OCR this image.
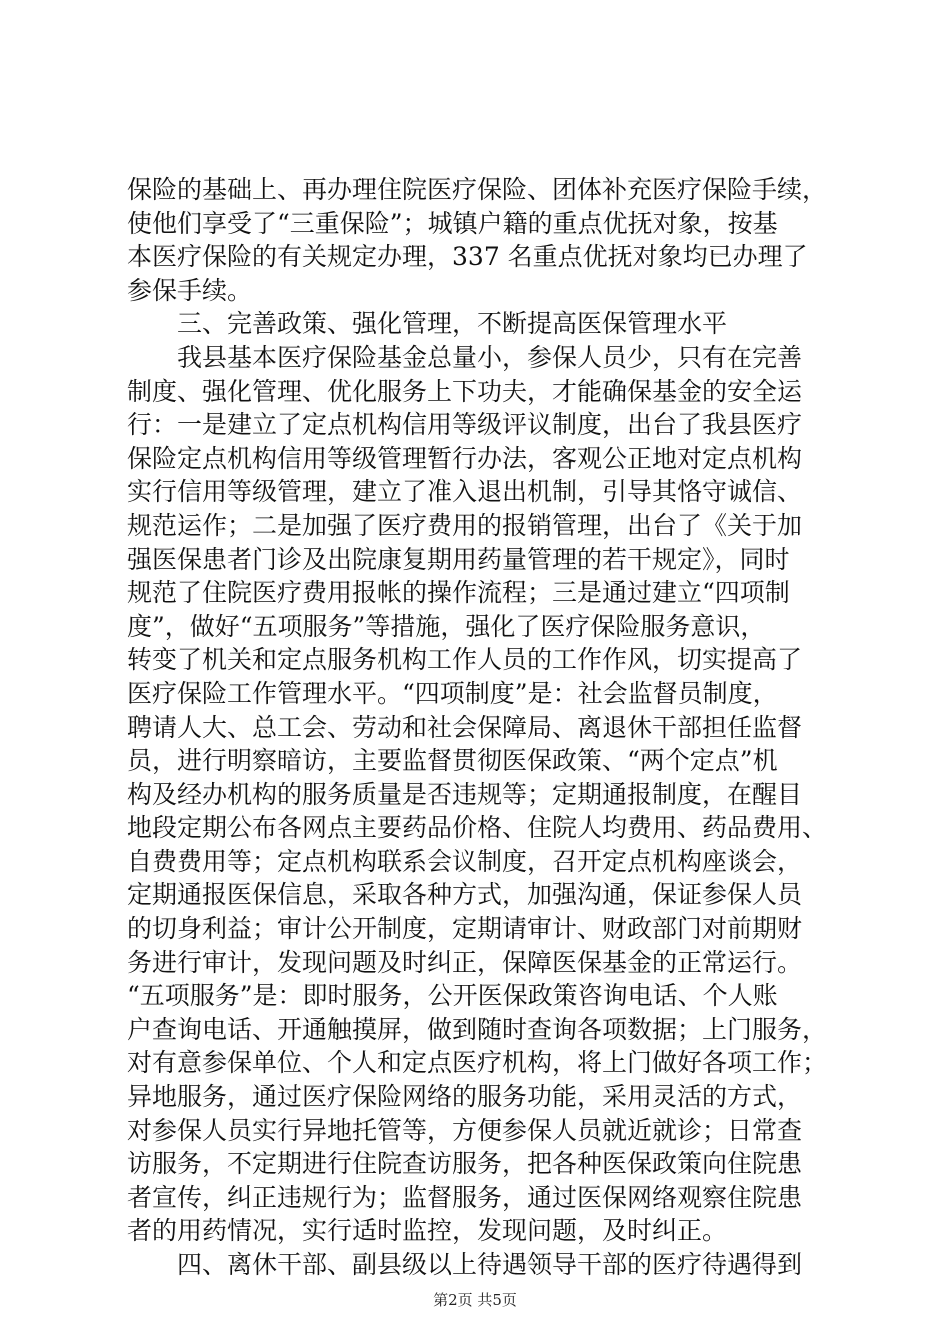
保险的基础上、再办理住院医疗保险、团体补充医疗保险手续，
使他们享受了“三重保险”；城镇户籍的重点优抚对象，按基
本医疗保险的有关规定办理，337 名重点优抚对象均已办理了
参保手续。
　　三、完善政策、强化管理，不断提高医保管理水平
　　我县基本医疗保险基金总量小，参保人员少，只有在完善
制度、强化管理、优化服务上下功夫，才能确保基金的安全运
行：一是建立了定点机构信用等级评议制度，出台了我县医疗
保险定点机构信用等级管理暂行办法，客观公正地对定点机构
实行信用等级管理，建立了准入退出机制，引导其恪守诚信、
规范运作；二是加强了医疗费用的报销管理，出台了《关于加
强医保患者门诊及出院康复期用药量管理的若干规定》，同时
规范了住院医疗费用报帐的操作流程；三是通过建立“四项制
度”，做好“五项服务”等措施，强化了医疗保险服务意识，
转变了机关和定点服务机构工作人员的工作作风，切实提高了
医疗保险工作管理水平。“四项制度”是：社会监督员制度，
聘请人大、总工会、劳动和社会保障局、离退休干部担任监督
员，进行明察暗访，主要监督贯彻医保政策、“两个定点”机
构及经办机构的服务质量是否违规等；定期通报制度，在醒目
地段定期公布各网点主要药品价格、住院人均费用、药品费用、
自费费用等；定点机构联系会议制度，召开定点机构座谈会，
定期通报医保信息，采取各种方式，加强沟通，保证参保人员
的切身利益；审计公开制度，定期请审计、财政部门对前期财
务进行审计，发现问题及时纠正，保障医保基金的正常运行。
“五项服务”是：即时服务，公开医保政策咨询电话、个人账
户查询电话、开通触摸屏，做到随时查询各项数据；上门服务，
对有意参保单位、个人和定点医疗机构，将上门做好各项工作；
异地服务，通过医疗保险网络的服务功能，采用灵活的方式，
对参保人员实行异地托管等，方便参保人员就近就诊；日常查
访服务，不定期进行住院查访服务，把各种医保政策向住院患
者宣传，纠正违规行为；监督服务，通过医保网络观察住院患
者的用药情况，实行适时监控，发现问题，及时纠正。
　　四、离休干部、副县级以上待遇领导干部的医疗待遇得到
第2页 共5页
